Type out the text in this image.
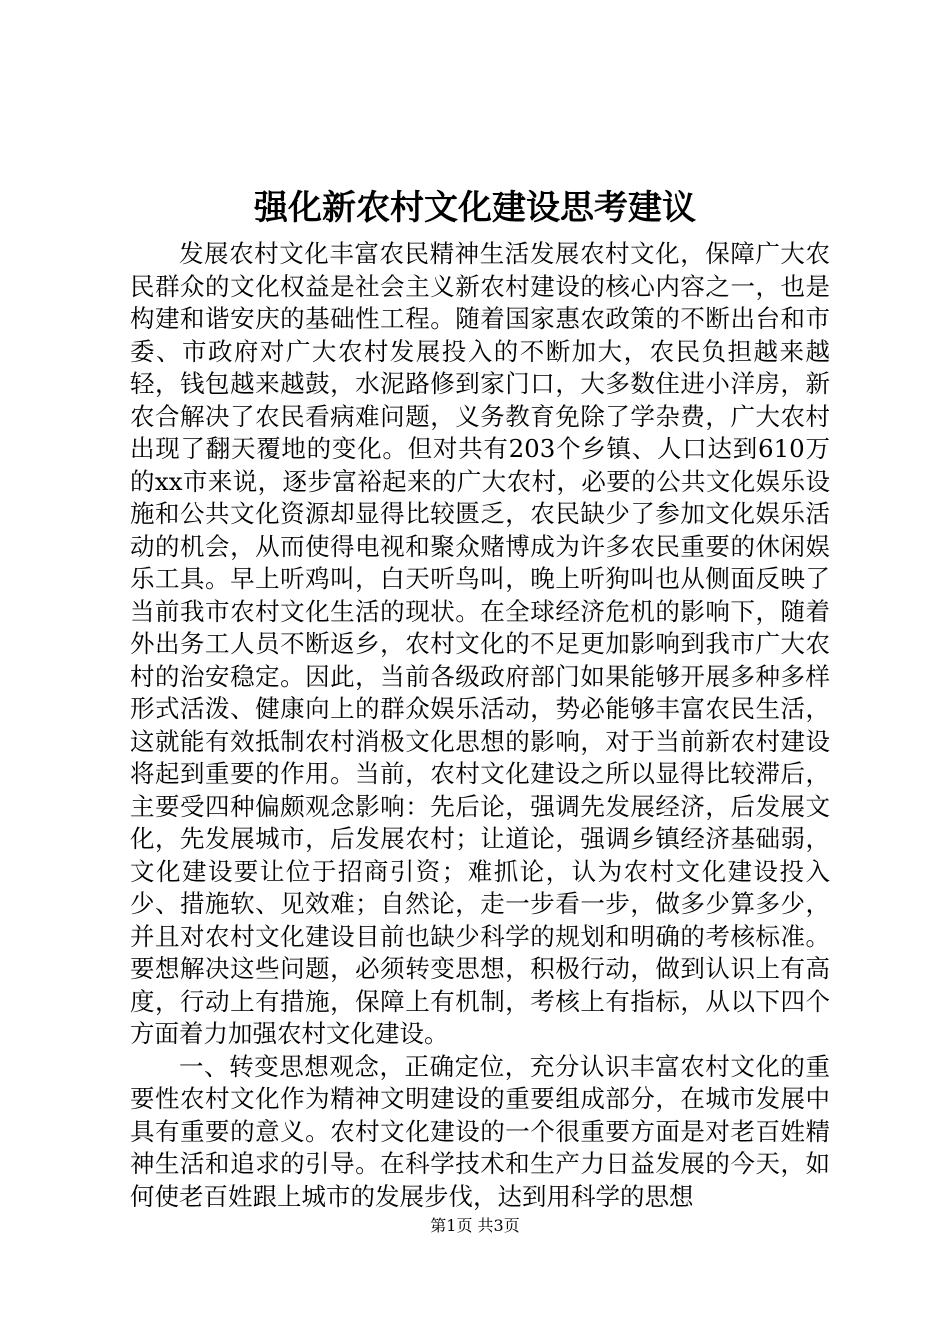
强化新农村文化建设思考建议

发展农村文化丰富农民精神生活发展农村文化，保障广大农民群众的文化权益是社会主义新农村建设的核心内容之一，也是构建和谐安庆的基础性工程。随着国家惠农政策的不断出台和市委、市政府对广大农村发展投入的不断加大，农民负担越来越轻，钱包越来越鼓，水泥路修到家门口，大多数住进小洋房，新农合解决了农民看病难问题，义务教育免除了学杂费，广大农村出现了翻天覆地的变化。但对共有203个乡镇、人口达到610万的xx市来说，逐步富裕起来的广大农村，必要的公共文化娱乐设施和公共文化资源却显得比较匮乏，农民缺少了参加文化娱乐活动的机会，从而使得电视和聚众赌博成为许多农民重要的休闲娱乐工具。早上听鸡叫，白天听鸟叫，晚上听狗叫也从侧面反映了当前我市农村文化生活的现状。在全球经济危机的影响下，随着外出务工人员不断返乡，农村文化的不足更加影响到我市广大农村的治安稳定。因此，当前各级政府部门如果能够开展多种多样形式活泼、健康向上的群众娱乐活动，势必能够丰富农民生活，这就能有效抵制农村消极文化思想的影响，对于当前新农村建设将起到重要的作用。当前，农村文化建设之所以显得比较滞后，主要受四种偏颇观念影响：先后论，强调先发展经济，后发展文化，先发展城市，后发展农村；让道论，强调乡镇经济基础弱，文化建设要让位于招商引资；难抓论，认为农村文化建设投入少、措施软、见效难；自然论，走一步看一步，做多少算多少，并且对农村文化建设目前也缺少科学的规划和明确的考核标准。要想解决这些问题，必须转变思想，积极行动，做到认识上有高度，行动上有措施，保障上有机制，考核上有指标，从以下四个方面着力加强农村文化建设。

一、转变思想观念，正确定位，充分认识丰富农村文化的重要性农村文化作为精神文明建设的重要组成部分，在城市发展中具有重要的意义。农村文化建设的一个很重要方面是对老百姓精神生活和追求的引导。在科学技术和生产力日益发展的今天，如何使老百姓跟上城市的发展步伐，达到用科学的思想

第1页 共3页
